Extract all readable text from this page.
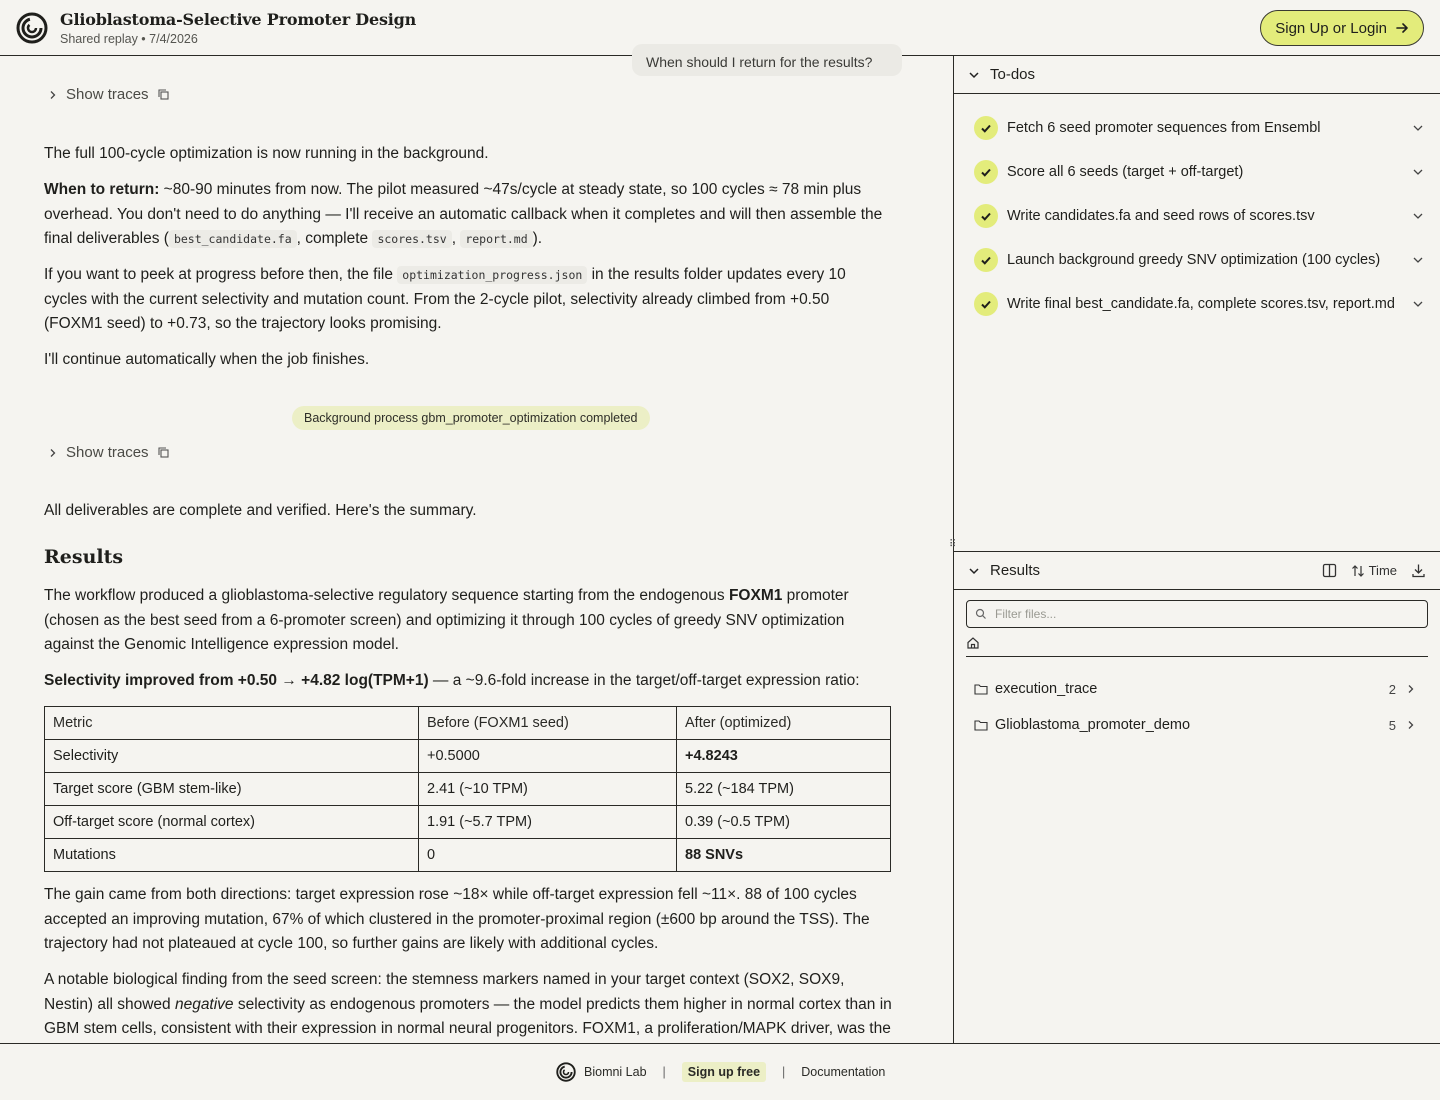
Glioblastoma-Selective Promoter Design
Shared replay • 7/4/2026
Sign Up or Login
When should I return for the results?
Show traces
The full 100-cycle optimization is now running in the background.
When to return: ~80-90 minutes from now. The pilot measured ~47s/cycle at steady state, so 100 cycles ≈ 78 min plus overhead. You don't need to do anything — I'll receive an automatic callback when it completes and will then assemble the final deliverables ( best_candidate.fa , complete scores.tsv , report.md ).
If you want to peek at progress before then, the file optimization_progress.json in the results folder updates every 10 cycles with the current selectivity and mutation count. From the 2-cycle pilot, selectivity already climbed from +0.50 (FOXM1 seed) to +0.73, so the trajectory looks promising.
I'll continue automatically when the job finishes.
Background process gbm_promoter_optimization completed
Show traces
All deliverables are complete and verified. Here's the summary.
Results
The workflow produced a glioblastoma-selective regulatory sequence starting from the endogenous FOXM1 promoter (chosen as the best seed from a 6-promoter screen) and optimizing it through 100 cycles of greedy SNV optimization against the Genomic Intelligence expression model.
Selectivity improved from +0.50 → +4.82 log(TPM+1) — a ~9.6-fold increase in the target/off-target expression ratio:
Metric	Before (FOXM1 seed)	After (optimized)
Selectivity	+0.5000	+4.8243
Target score (GBM stem-like)	2.41 (~10 TPM)	5.22 (~184 TPM)
Off-target score (normal cortex)	1.91 (~5.7 TPM)	0.39 (~0.5 TPM)
Mutations	0	88 SNVs
The gain came from both directions: target expression rose ~18× while off-target expression fell ~11×. 88 of 100 cycles accepted an improving mutation, 67% of which clustered in the promoter-proximal region (±600 bp around the TSS). The trajectory had not plateaued at cycle 100, so further gains are likely with additional cycles.
A notable biological finding from the seed screen: the stemness markers named in your target context (SOX2, SOX9, Nestin) all showed negative selectivity as endogenous promoters — the model predicts them higher in normal cortex than in GBM stem cells, consistent with their expression in normal neural progenitors. FOXM1, a proliferation/MAPK driver, was the
⠿
To-dos
Fetch 6 seed promoter sequences from Ensembl
Score all 6 seeds (target + off-target)
Write candidates.fa and seed rows of scores.tsv
Launch background greedy SNV optimization (100 cycles)
Write final best_candidate.fa, complete scores.tsv, report.md
Results	Time
Filter files...
execution_trace	2
Glioblastoma_promoter_demo	5
Biomni Lab |	Sign up free	| Documentation
